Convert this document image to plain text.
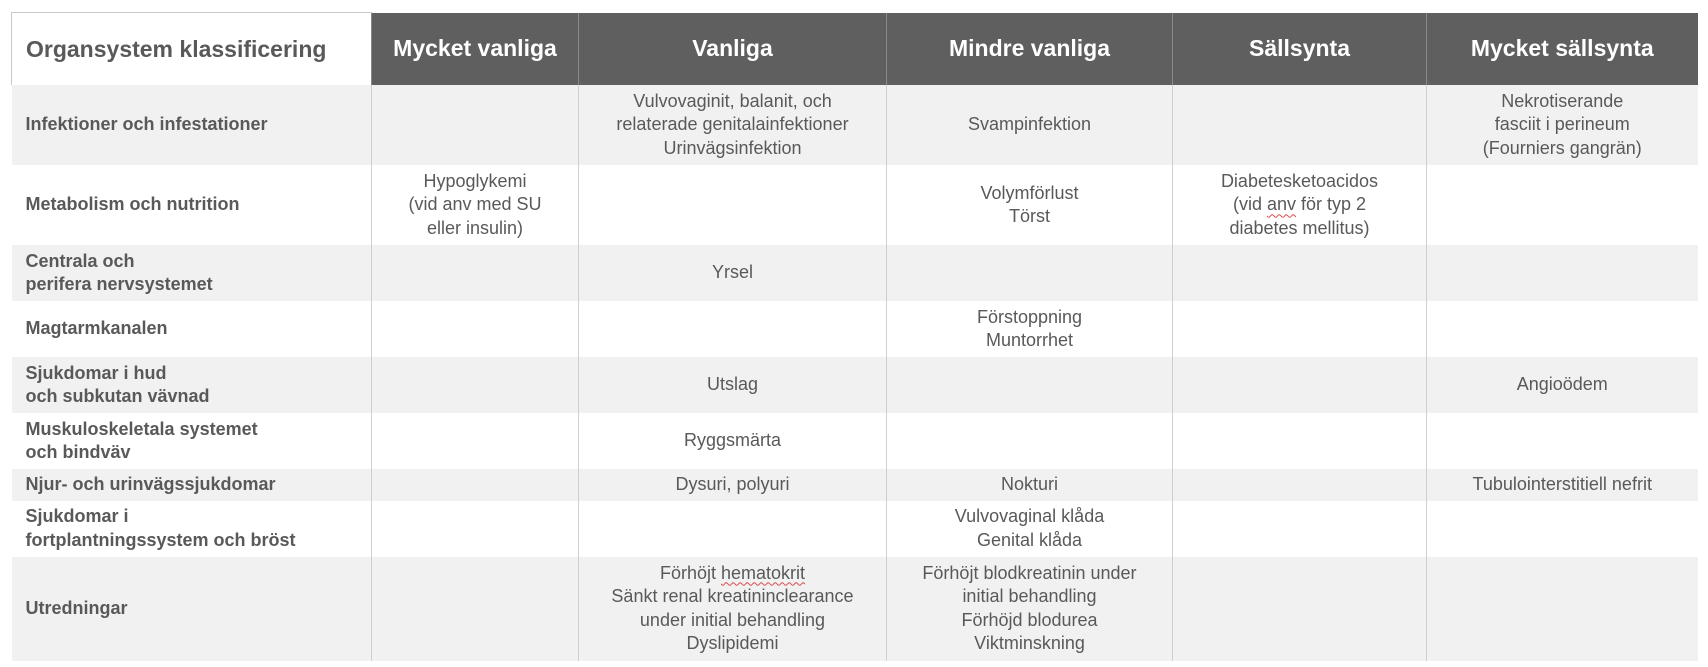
Organsystem klassificering	Mycket vanliga	Vanliga	Mindre vanliga	Sällsynta	Mycket sällsynta
Infektioner och infestationer		Vulvovaginit, balanit, och
relaterade genitalainfektioner
Urinvägsinfektion	Svampinfektion		Nekrotiserande
fasciit i perineum
(Fourniers gangrän)

Metabolism och nutrition	Hypoglykemi
(vid anv med SU
eller insulin)		Volymförlust
Törst	Diabetesketoacidos
(vid anv för typ 2
diabetes mellitus)	

Centrala och
perifera nervsystemet		Yrsel			

Magtarmkanalen			Förstoppning
Muntorrhet		

Sjukdomar i hud
och subkutan vävnad		Utslag			Angioödem

Muskuloskeletala systemet
och bindväv		Ryggsmärta			

Njur- och urinvägssjukdomar		Dysuri, polyuri	Nokturi		Tubulointerstitiell nefrit

Sjukdomar i
fortplantningssystem och bröst			Vulvovaginal klåda
Genital klåda		

Utredningar		Förhöjt hematokrit
Sänkt renal kreatininclearance
under initial behandling
Dyslipidemi	Förhöjt blodkreatinin under
initial behandling
Förhöjd blodurea
Viktminskning		
